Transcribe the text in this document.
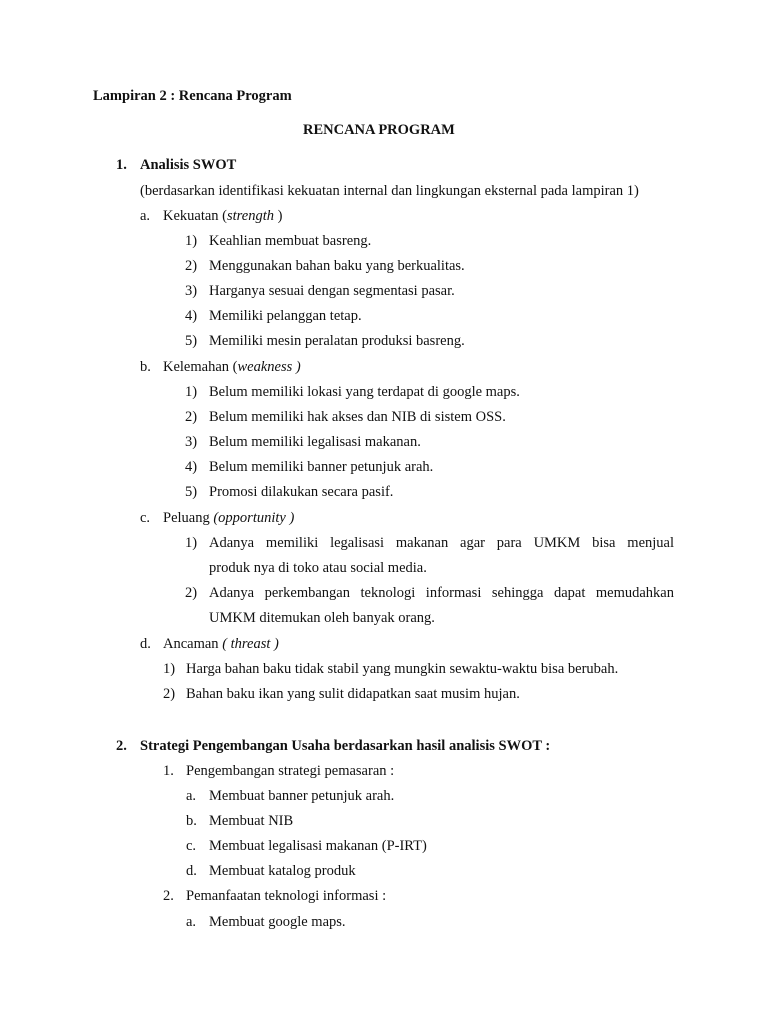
Lampiran 2 : Rencana Program
RENCANA PROGRAM
1. Analisis SWOT
(berdasarkan identifikasi kekuatan internal dan lingkungan eksternal pada lampiran 1)
a. Kekuatan (strength )
1) Keahlian membuat basreng.
2) Menggunakan bahan baku yang berkualitas.
3) Harganya sesuai dengan segmentasi pasar.
4) Memiliki pelanggan tetap.
5) Memiliki mesin peralatan produksi basreng.
b. Kelemahan (weakness )
1) Belum memiliki lokasi yang terdapat di google maps.
2) Belum memiliki hak akses dan NIB di sistem OSS.
3) Belum memiliki legalisasi makanan.
4) Belum memiliki banner petunjuk arah.
5) Promosi dilakukan secara pasif.
c. Peluang (opportunity )
1) Adanya memiliki legalisasi makanan agar para UMKM bisa menjual
produk nya di toko atau social media.
2) Adanya perkembangan teknologi informasi sehingga dapat memudahkan
UMKM ditemukan oleh banyak orang.
d. Ancaman ( threast )
1) Harga bahan baku tidak stabil yang mungkin sewaktu-waktu bisa berubah.
2) Bahan baku ikan yang sulit didapatkan saat musim hujan.
2. Strategi Pengembangan Usaha berdasarkan hasil analisis SWOT :
1. Pengembangan strategi pemasaran :
a. Membuat banner petunjuk arah.
b. Membuat NIB
c. Membuat legalisasi makanan (P-IRT)
d. Membuat katalog produk
2. Pemanfaatan teknologi informasi :
a. Membuat google maps.
